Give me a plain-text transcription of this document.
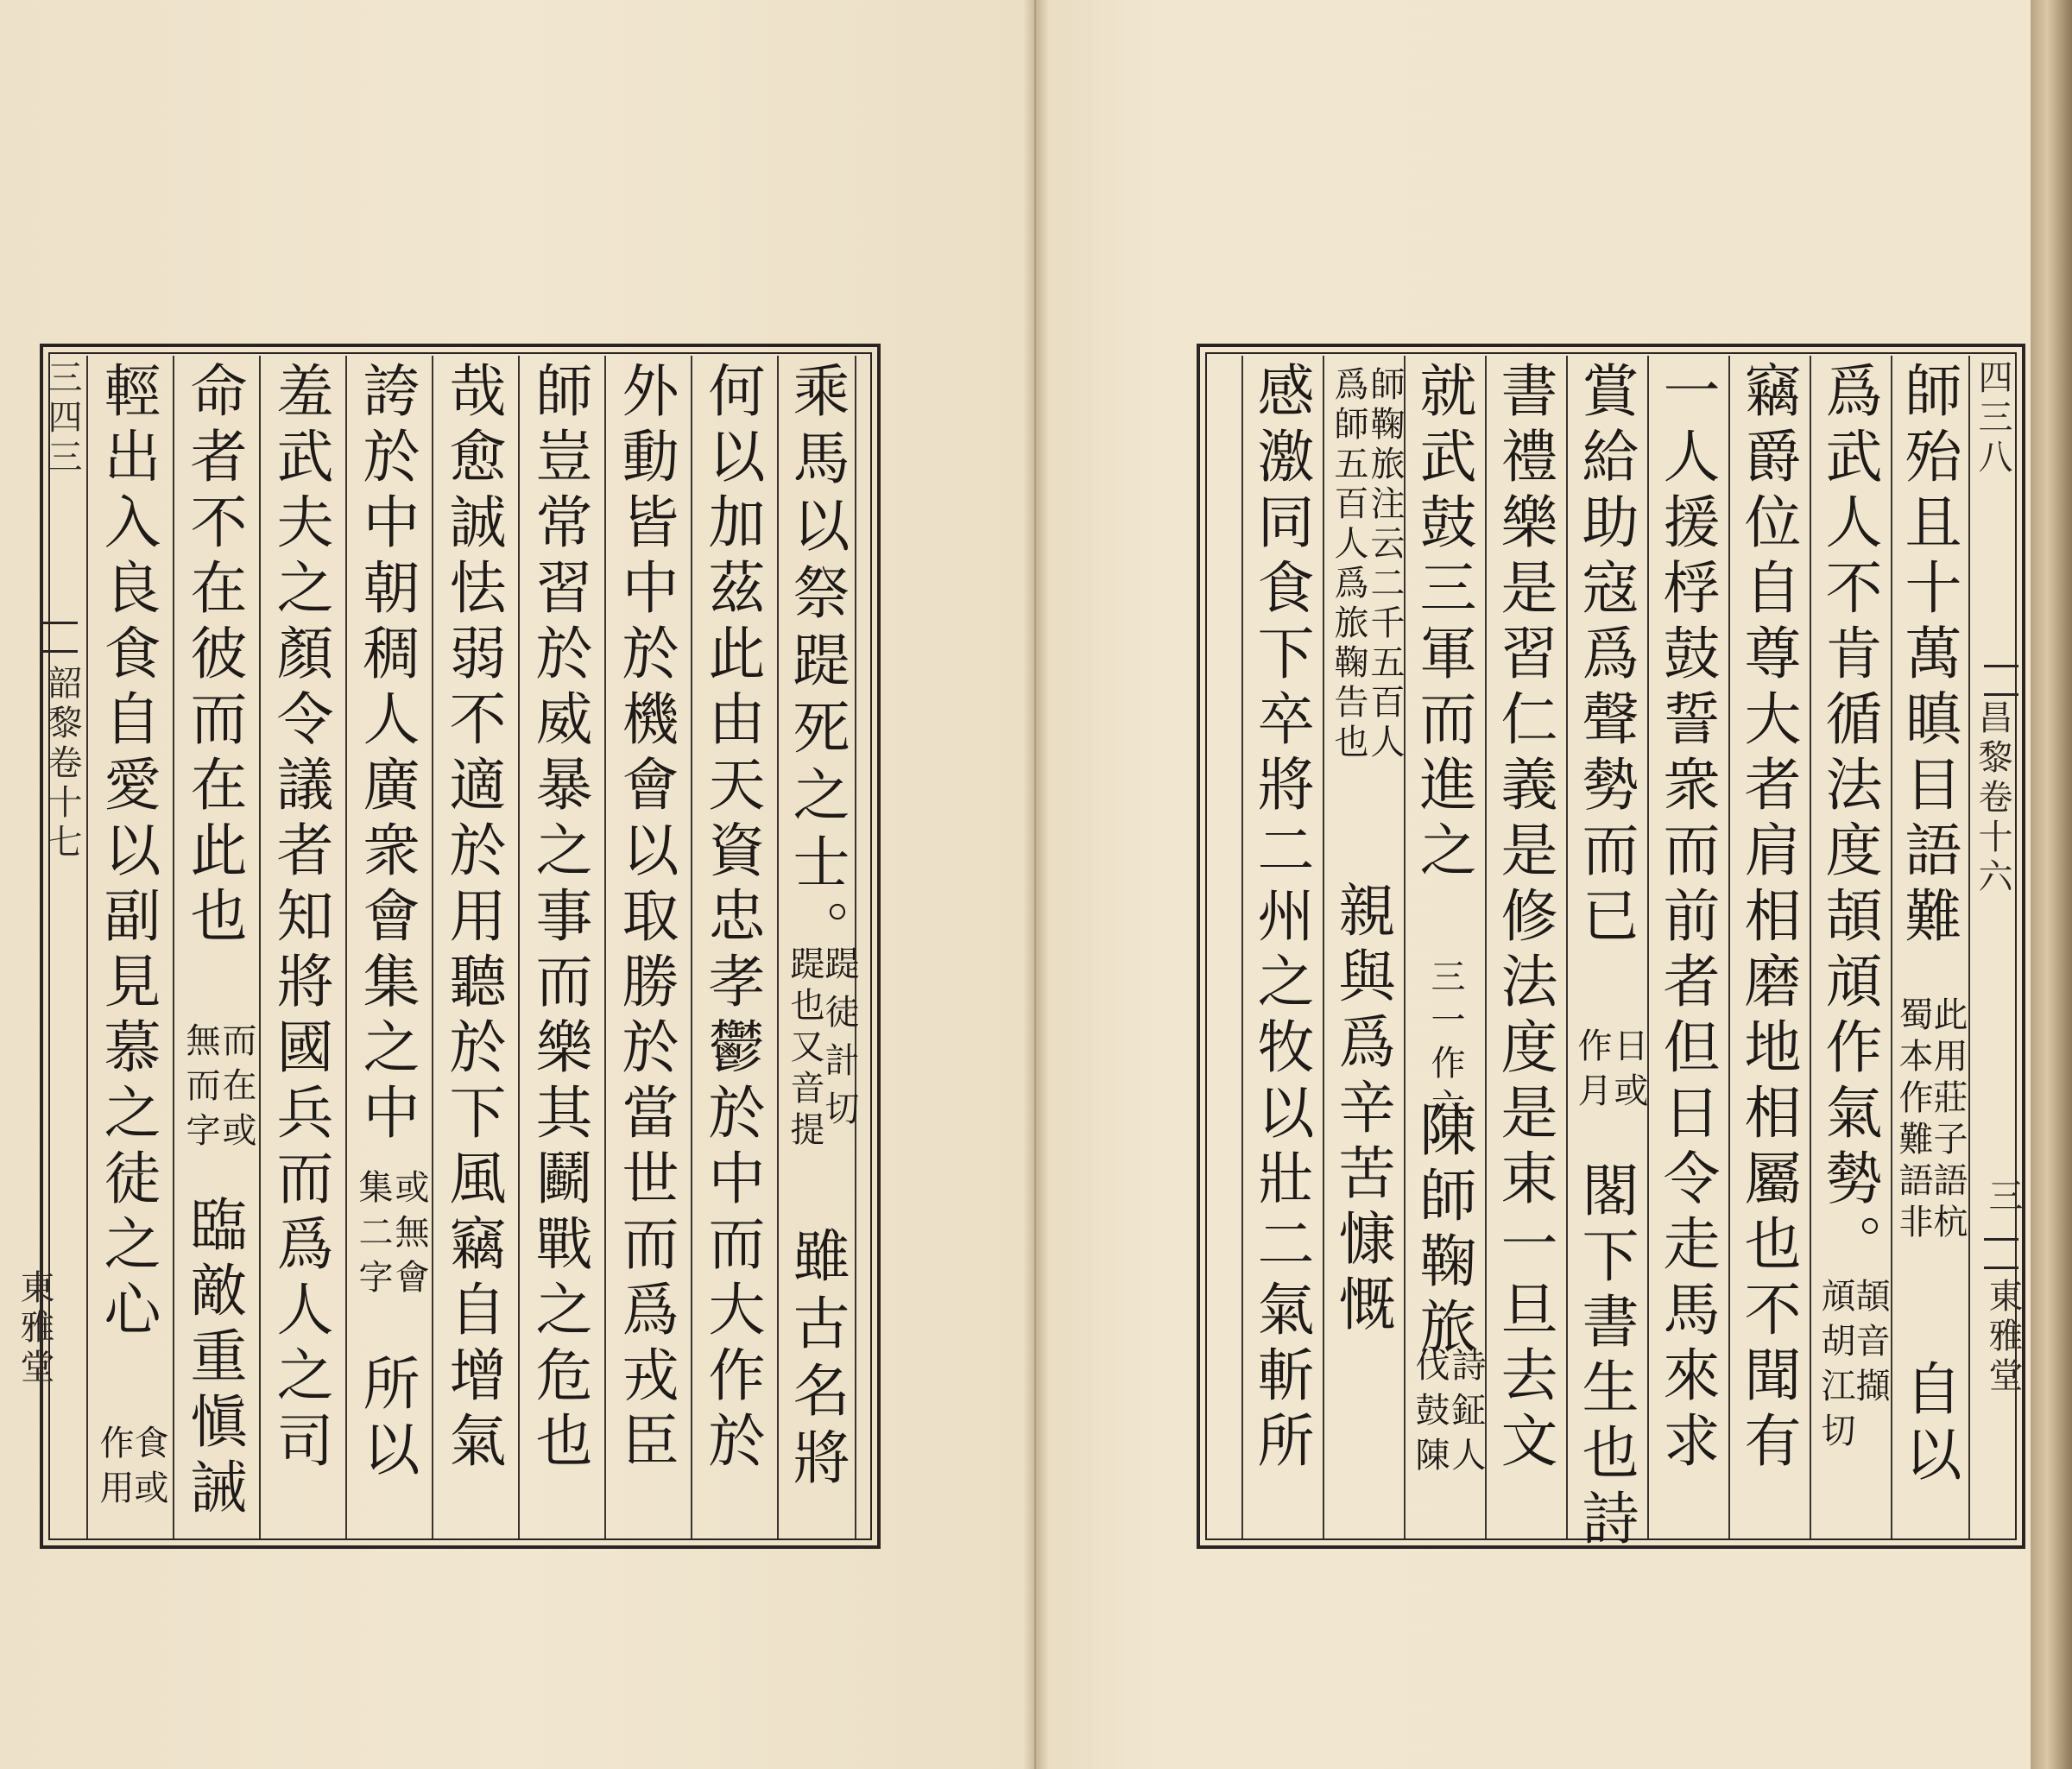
三四三
韶黎卷十七
東雅堂
乘馬以祭踶死之士。
踶徒計切
踶也又音提
雖古名將
何以加茲此由天資忠孝鬱於中而大作於
外動皆中於機會以取勝於當世而爲戎臣
師豈常習於威暴之事而樂其鬬戰之危也
哉愈誠怯弱不適於用聽於下風竊自增氣
誇於中朝稠人廣衆會集之中
或無會
集二字
所以
羞武夫之顏令議者知將國兵而爲人之司
命者不在彼而在此也
而在或
無而字
臨敵重愼誡
輕出入良食自愛以副見慕之徒之心
食或
作用
四三八
昌黎卷十六
三
東雅堂
師殆且十萬瞋目語難
此用莊子語杭
蜀本作難語非
自以
爲武人不肯循法度頡頏作氣勢。
頡音擷
頏胡江切
竊爵位自尊大者肩相磨地相屬也不聞有
一人援桴鼓誓衆而前者但日令走馬來求
賞給助寇爲聲勢而已
日或
作月
閣下書生也詩
書禮樂是習仁義是修法度是束一旦去文
就武鼓三軍而進之
三一作六
陳師鞠旅
詩鉦人
伐鼓陳
師鞠旅注云二千五百人
爲師五百人爲旅鞠告也
親與爲辛苦慷慨
感激同食下卒將二州之牧以壯二氣斬所
